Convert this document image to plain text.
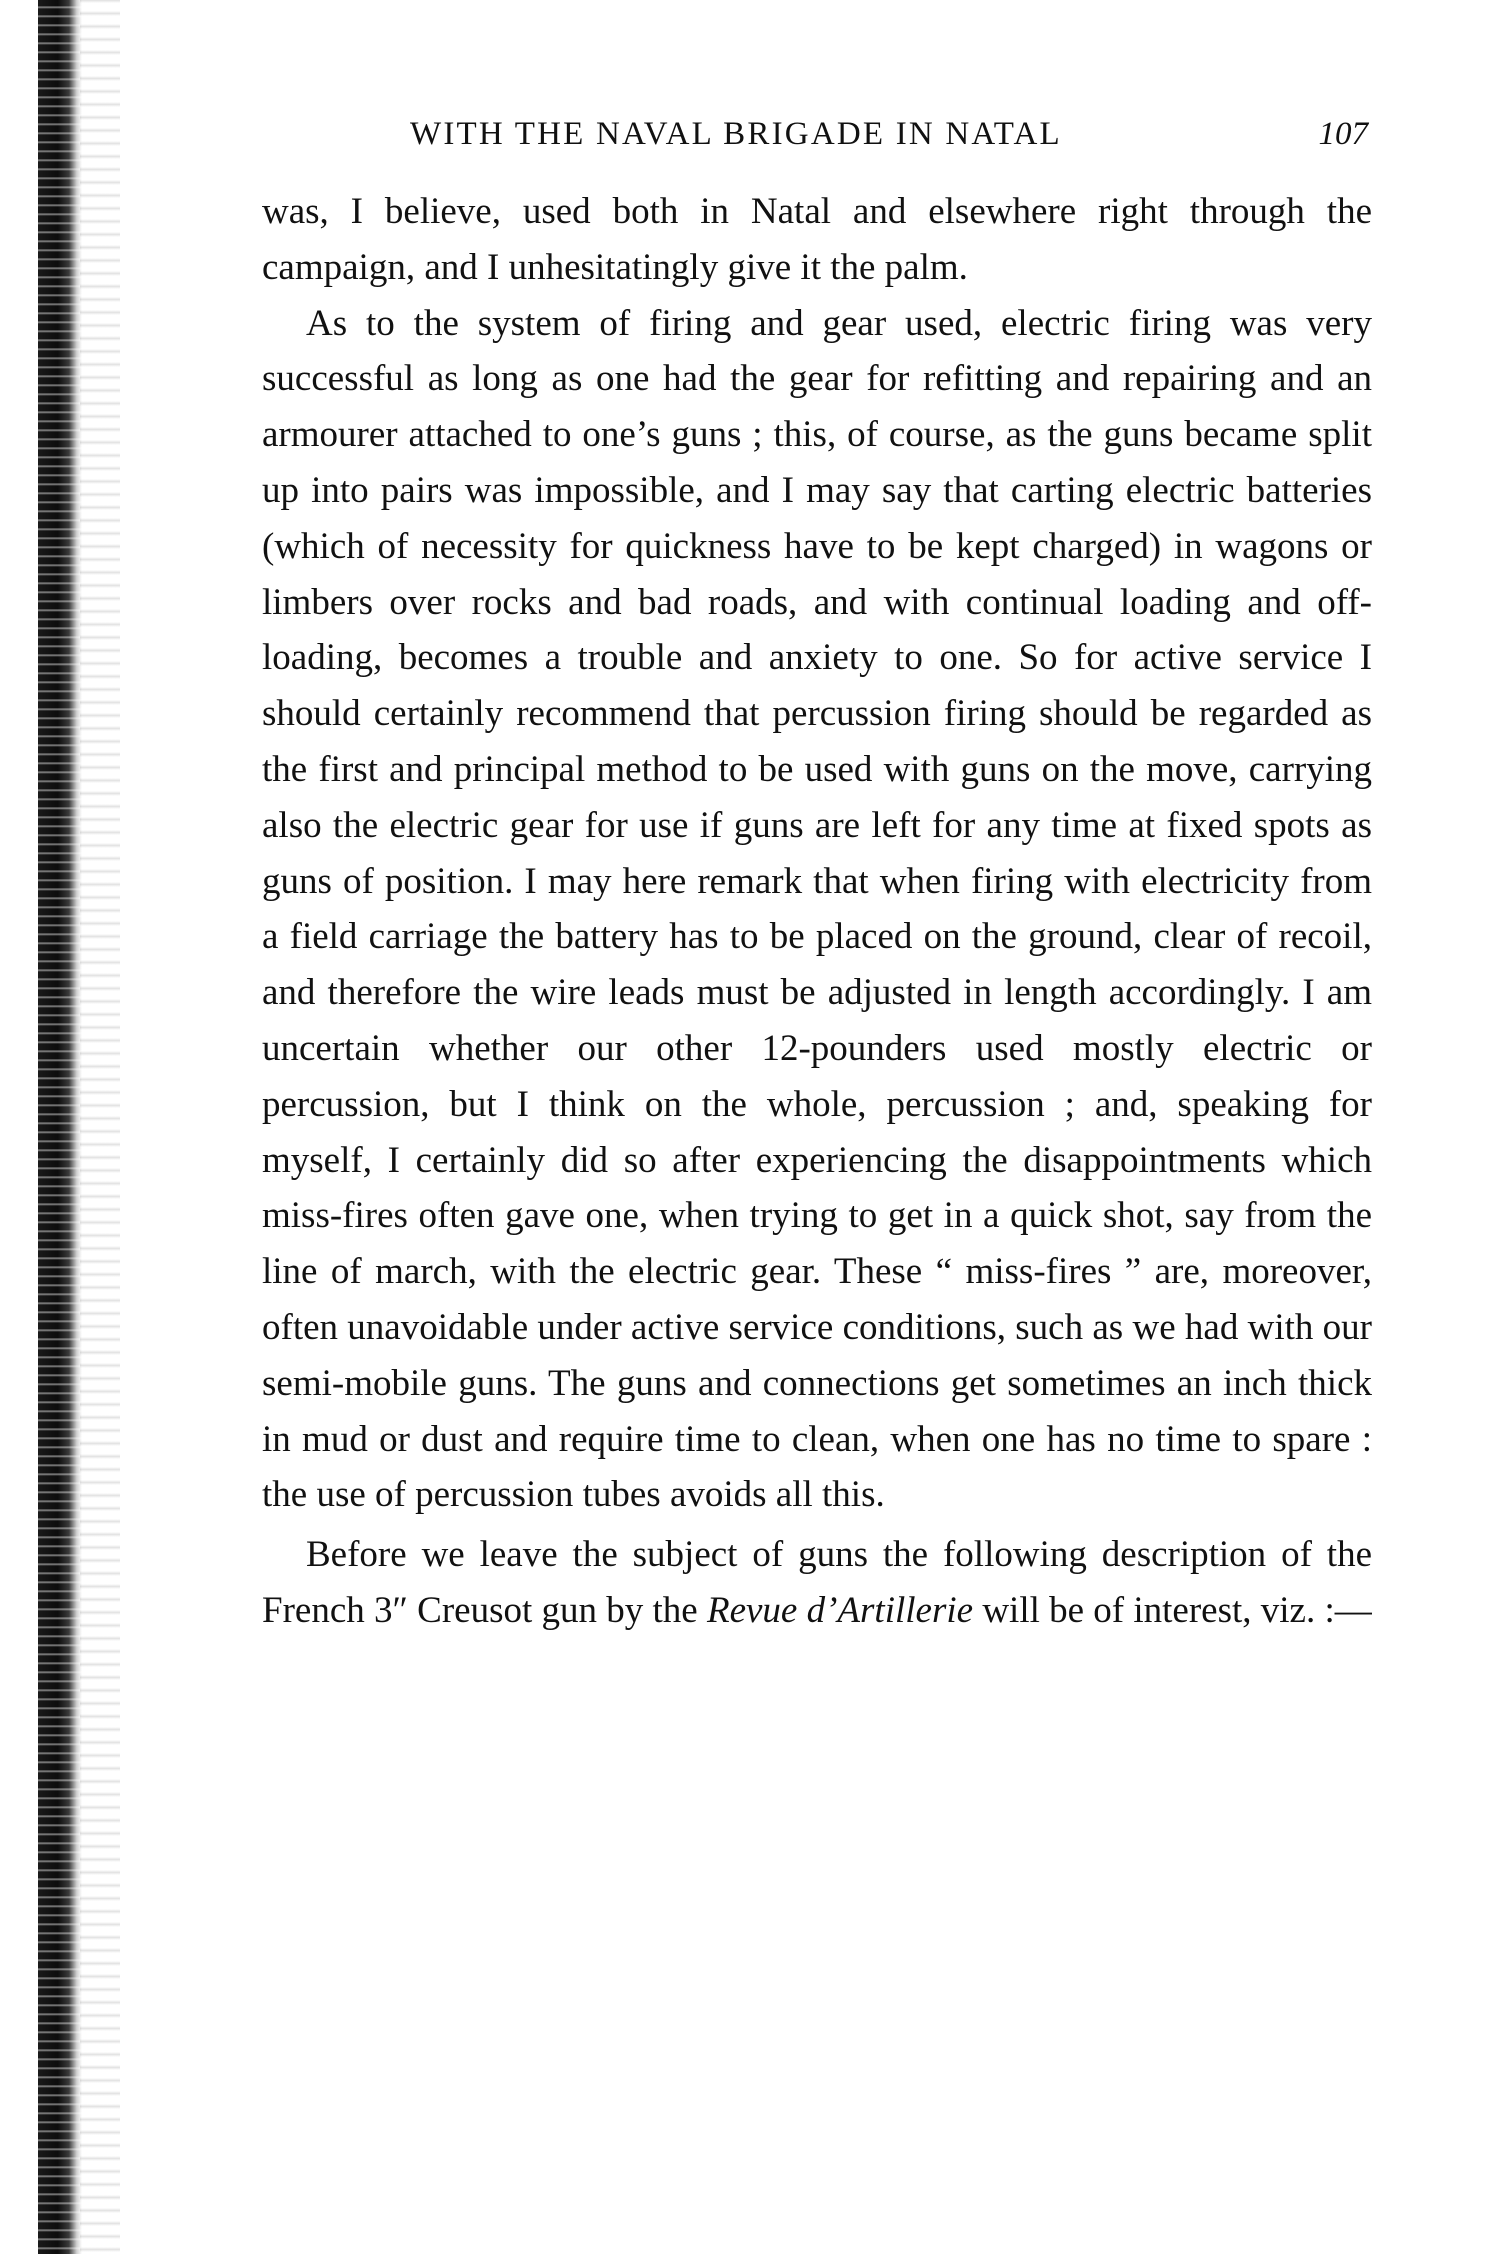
WITH THE NAVAL BRIGADE IN NATAL	107

was, I believe, used both in Natal and elsewhere right through the campaign, and I unhesitatingly give it the palm.

As to the system of firing and gear used, electric firing was very successful as long as one had the gear for refitting and repairing and an armourer attached to one’s guns ; this, of course, as the guns became split up into pairs was impossible, and I may say that carting electric batteries (which of necessity for quickness have to be kept charged) in wagons or limbers over rocks and bad roads, and with continual loading and off-loading, becomes a trouble and anxiety to one. So for active service I should certainly recommend that percussion firing should be regarded as the first and principal method to be used with guns on the move, carrying also the electric gear for use if guns are left for any time at fixed spots as guns of position. I may here remark that when firing with electricity from a field carriage the battery has to be placed on the ground, clear of recoil, and therefore the wire leads must be adjusted in length accordingly. I am uncertain whether our other 12-pounders used mostly electric or percussion, but I think on the whole, percussion ; and, speaking for myself, I certainly did so after experiencing the disappointments which miss-fires often gave one, when trying to get in a quick shot, say from the line of march, with the electric gear. These “ miss-fires ” are, moreover, often unavoidable under active service conditions, such as we had with our semi-mobile guns. The guns and connections get sometimes an inch thick in mud or dust and require time to clean, when one has no time to spare : the use of percussion tubes avoids all this.

Before we leave the subject of guns the following description of the French 3″ Creusot gun by the Revue d’Artillerie will be of interest, viz. :—
